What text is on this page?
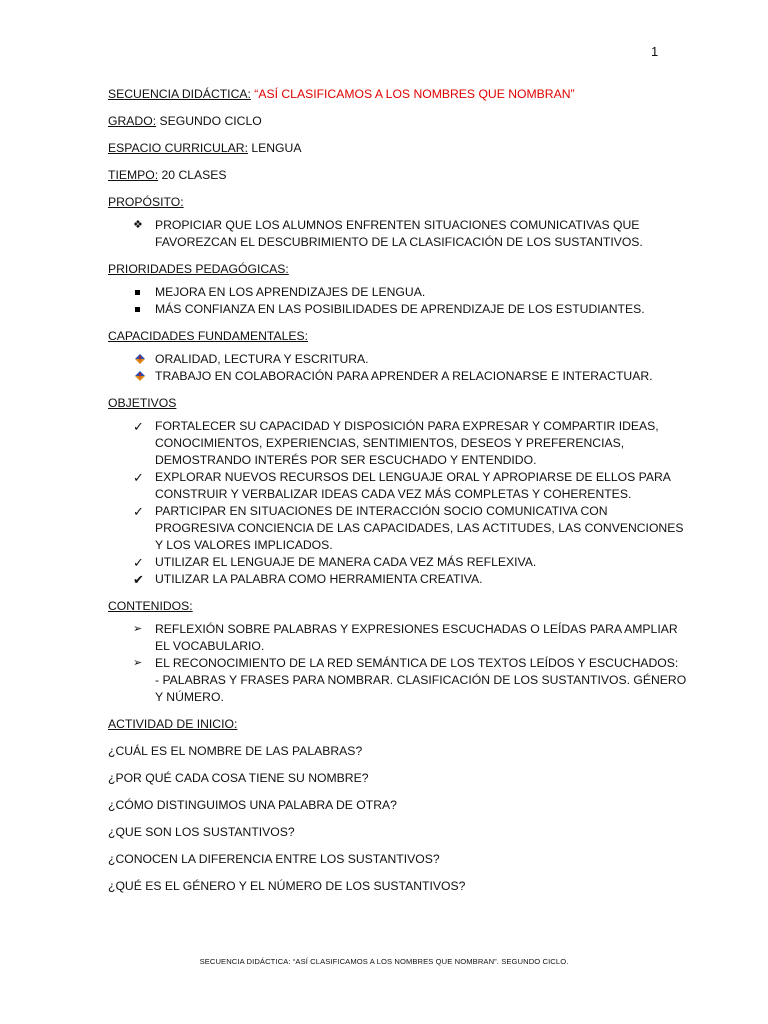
1
SECUENCIA DIDÁCTICA: “ASÍ CLASIFICAMOS A LOS NOMBRES QUE NOMBRAN”
GRADO: SEGUNDO CICLO
ESPACIO CURRICULAR: LENGUA
TIEMPO: 20 CLASES
PROPÓSITO:
❖ PROPICIAR QUE LOS ALUMNOS ENFRENTEN SITUACIONES COMUNICATIVAS QUE
FAVOREZCAN EL DESCUBRIMIENTO DE LA CLASIFICACIÓN DE LOS SUSTANTIVOS.
PRIORIDADES PEDAGÓGICAS:
MEJORA EN LOS APRENDIZAJES DE LENGUA.
MÁS CONFIANZA EN LAS POSIBILIDADES DE APRENDIZAJE DE LOS ESTUDIANTES.
CAPACIDADES FUNDAMENTALES:
ORALIDAD, LECTURA Y ESCRITURA.
TRABAJO EN COLABORACIÓN PARA APRENDER A RELACIONARSE E INTERACTUAR.
OBJETIVOS
✓ FORTALECER SU CAPACIDAD Y DISPOSICIÓN PARA EXPRESAR Y COMPARTIR IDEAS,
CONOCIMIENTOS, EXPERIENCIAS, SENTIMIENTOS, DESEOS Y PREFERENCIAS,
DEMOSTRANDO INTERÉS POR SER ESCUCHADO Y ENTENDIDO.
✓ EXPLORAR NUEVOS RECURSOS DEL LENGUAJE ORAL Y APROPIARSE DE ELLOS PARA
CONSTRUIR Y VERBALIZAR IDEAS CADA VEZ MÁS COMPLETAS Y COHERENTES.
✓ PARTICIPAR EN SITUACIONES DE INTERACCIÓN SOCIO COMUNICATIVA CON
PROGRESIVA CONCIENCIA DE LAS CAPACIDADES, LAS ACTITUDES, LAS CONVENCIONES
Y LOS VALORES IMPLICADOS.
✓ UTILIZAR EL LENGUAJE DE MANERA CADA VEZ MÁS REFLEXIVA.
✔ UTILIZAR LA PALABRA COMO HERRAMIENTA CREATIVA.
CONTENIDOS:
➢	REFLEXIÓN SOBRE PALABRAS Y EXPRESIONES ESCUCHADAS O LEÍDAS PARA AMPLIAR
EL VOCABULARIO.
➢	EL RECONOCIMIENTO DE LA RED SEMÁNTICA DE LOS TEXTOS LEÍDOS Y ESCUCHADOS:
- PALABRAS Y FRASES PARA NOMBRAR. CLASIFICACIÓN DE LOS SUSTANTIVOS. GÉNERO
Y NÚMERO.
ACTIVIDAD DE INICIO:
¿CUÁL ES EL NOMBRE DE LAS PALABRAS?
¿POR QUÉ CADA COSA TIENE SU NOMBRE?
¿CÓMO DISTINGUIMOS UNA PALABRA DE OTRA?
¿QUE SON LOS SUSTANTIVOS?
¿CONOCEN LA DIFERENCIA ENTRE LOS SUSTANTIVOS?
¿QUÉ ES EL GÉNERO Y EL NÚMERO DE LOS SUSTANTIVOS?
SECUENCIA DIDÁCTICA: “ASÍ CLASIFICAMOS A LOS NOMBRES QUE NOMBRAN”. SEGUNDO CICLO.
